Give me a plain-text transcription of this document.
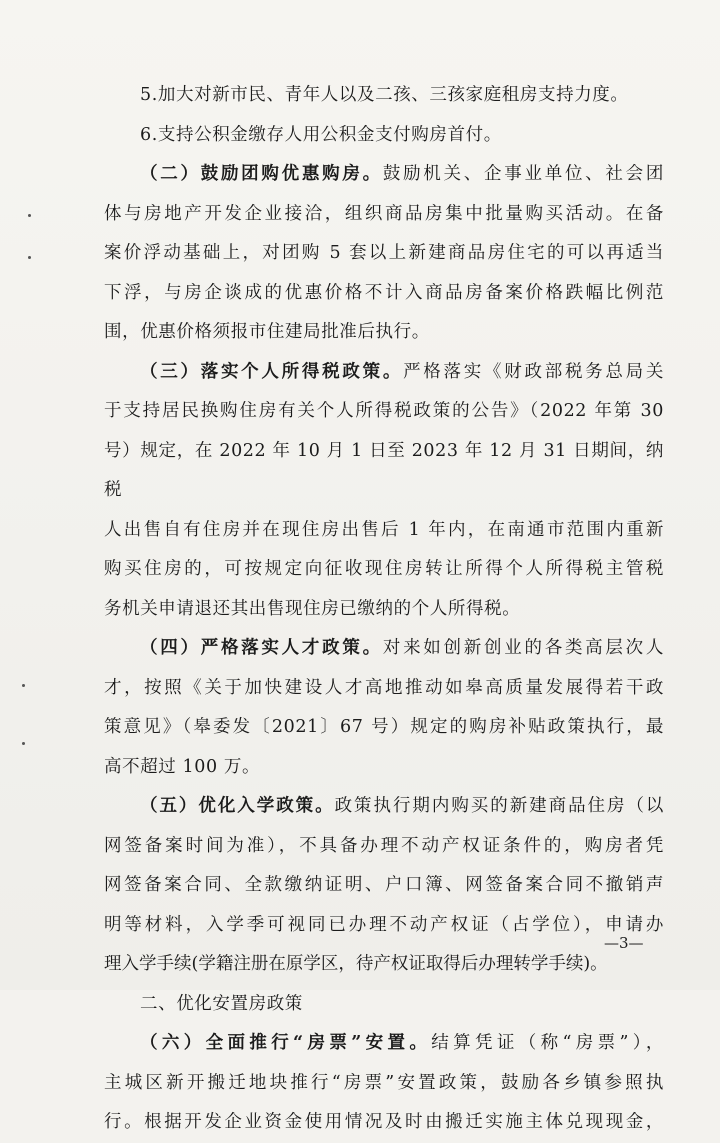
5.加大对新市民、青年人以及二孩、三孩家庭租房支持力度。

6.支持公积金缴存人用公积金支付购房首付。

（二）鼓励团购优惠购房。鼓励机关、企事业单位、社会团

体与房地产开发企业接洽，组织商品房集中批量购买活动。在备

案价浮动基础上，对团购 5 套以上新建商品房住宅的可以再适当

下浮，与房企谈成的优惠价格不计入商品房备案价格跌幅比例范

围，优惠价格须报市住建局批准后执行。

（三）落实个人所得税政策。严格落实《财政部税务总局关

于支持居民换购住房有关个人所得税政策的公告》（2022 年第 30

号）规定，在 2022 年 10 月 1 日至 2023 年 12 月 31 日期间，纳税

人出售自有住房并在现住房出售后 1 年内，在南通市范围内重新

购买住房的，可按规定向征收现住房转让所得个人所得税主管税

务机关申请退还其出售现住房已缴纳的个人所得税。

（四）严格落实人才政策。对来如创新创业的各类高层次人

才，按照《关于加快建设人才高地推动如皋高质量发展得若干政

策意见》（皋委发〔2021〕67 号）规定的购房补贴政策执行，最

高不超过 100 万。

（五）优化入学政策。政策执行期内购买的新建商品住房（以

网签备案时间为准），不具备办理不动产权证条件的，购房者凭

网签备案合同、全款缴纳证明、户口簿、网签备案合同不撤销声

明等材料，入学季可视同已办理不动产权证（占学位），申请办

理入学手续(学籍注册在原学区，待产权证取得后办理转学手续)。

二、优化安置房政策

（六）全面推行“房票”安置。结算凭证（称“房票”），

主城区新开搬迁地块推行“房票”安置政策，鼓励各乡镇参照执

行。根据开发企业资金使用情况及时由搬迁实施主体兑现现金，

—3—
